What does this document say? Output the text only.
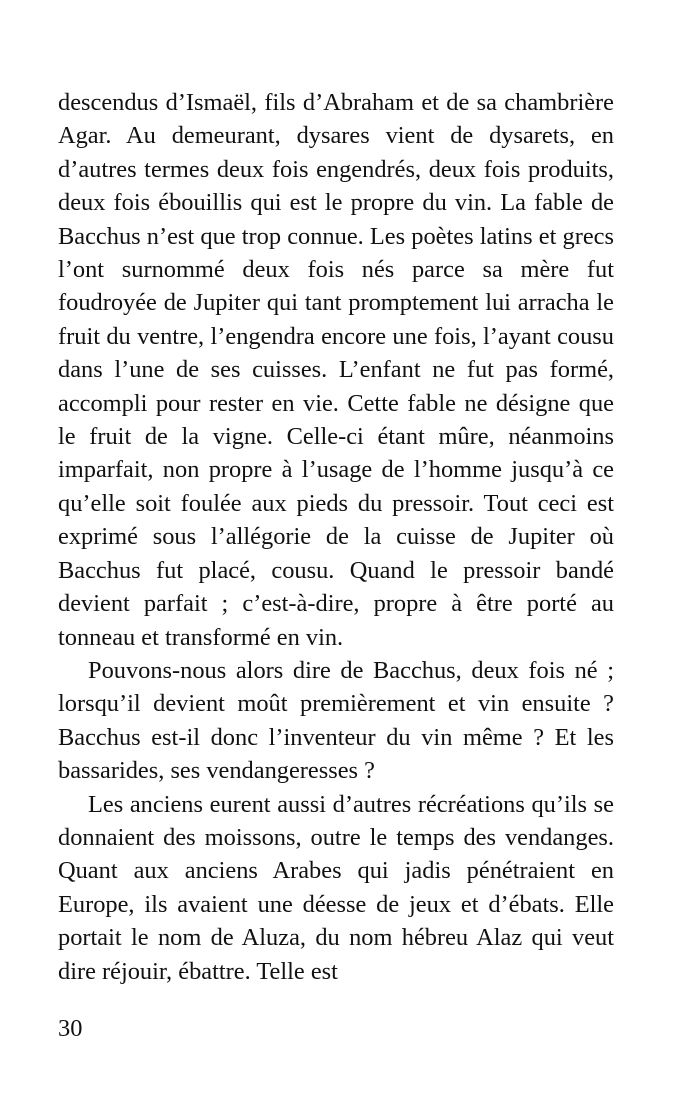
descendus d’Ismaël, fils d’Abraham et de sa chambrière Agar. Au demeurant, dysares vient de dysarets, en d’autres termes deux fois engendrés, deux fois produits, deux fois ébouillis qui est le propre du vin. La fable de Bacchus n’est que trop connue. Les poètes latins et grecs l’ont surnommé deux fois nés parce sa mère fut foudroyée de Jupiter qui tant promptement lui arracha le fruit du ventre, l’engendra encore une fois, l’ayant cousu dans l’une de ses cuisses. L’enfant ne fut pas formé, accompli pour rester en vie. Cette fable ne désigne que le fruit de la vigne. Celle-ci étant mûre, néanmoins imparfait, non propre à l’usage de l’homme jusqu’à ce qu’elle soit foulée aux pieds du pressoir. Tout ceci est exprimé sous l’allégorie de la cuisse de Jupiter où Bacchus fut placé, cousu. Quand le pressoir bandé devient parfait ; c’est-à-dire, propre à être porté au tonneau et transformé en vin.

Pouvons-nous alors dire de Bacchus, deux fois né ; lorsqu’il devient moût premièrement et vin ensuite ? Bacchus est-il donc l’inventeur du vin même ? Et les bassarides, ses vendangeresses ?

Les anciens eurent aussi d’autres récréations qu’ils se donnaient des moissons, outre le temps des vendanges. Quant aux anciens Arabes qui jadis pénétraient en Europe, ils avaient une déesse de jeux et d’ébats. Elle portait le nom de Aluza, du nom hébreu Alaz qui veut dire réjouir, ébattre. Telle est

30
